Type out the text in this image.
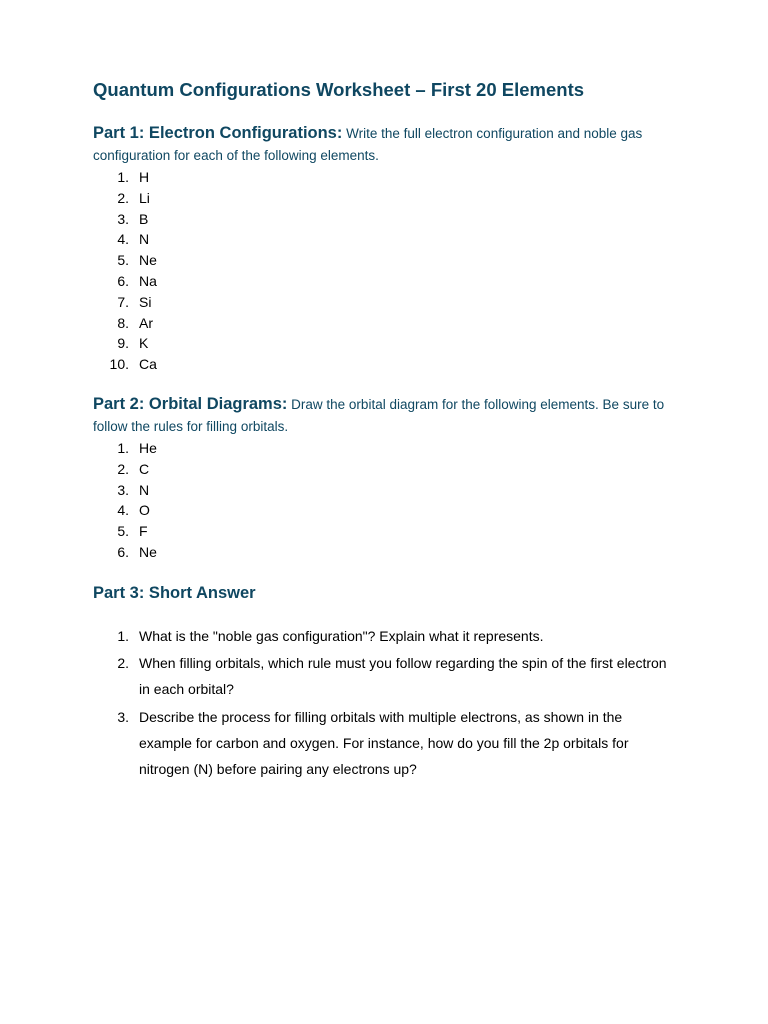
Quantum Configurations Worksheet – First 20 Elements

Part 1: Electron Configurations: Write the full electron configuration and noble gas configuration for each of the following elements.

1. H
2. Li
3. B
4. N
5. Ne
6. Na
7. Si
8. Ar
9. K
10. Ca

Part 2: Orbital Diagrams: Draw the orbital diagram for the following elements. Be sure to follow the rules for filling orbitals.

1. He
2. C
3. N
4. O
5. F
6. Ne

Part 3: Short Answer

1. What is the "noble gas configuration"? Explain what it represents.
2. When filling orbitals, which rule must you follow regarding the spin of the first electron in each orbital?
3. Describe the process for filling orbitals with multiple electrons, as shown in the example for carbon and oxygen. For instance, how do you fill the 2p orbitals for nitrogen (N) before pairing any electrons up?
